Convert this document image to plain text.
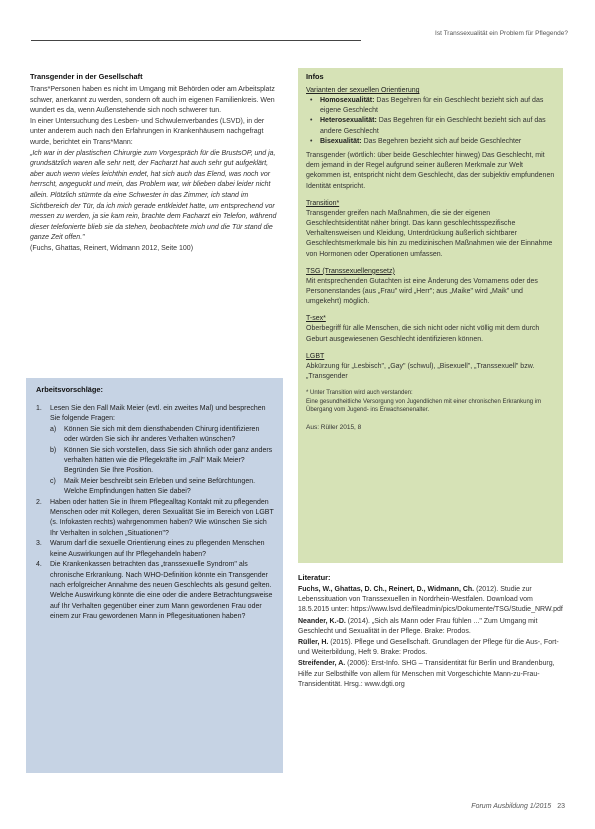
Ist Transsexualität ein Problem für Pflegende?
Transgender in der Gesellschaft

Trans*Personen haben es nicht im Umgang mit Behörden oder am Arbeitsplatz schwer, anerkannt zu werden, sondern oft auch im eigenen Familienkreis. Wen wundert es da, wenn Außenstehende sich noch schwerer tun.

In einer Untersuchung des Lesben- und Schwulenverbandes (LSVD), in der unter anderem auch nach den Erfahrungen in Krankenhäusern nachgefragt wurde, berichtet ein Trans*Mann:

„Ich war in der plastischen Chirurgie zum Vorgespräch für die BrustsOP, und ja, grundsätzlich waren alle sehr nett, der Facharzt hat auch sehr gut aufgeklärt, aber auch wenn vieles leichthin endet, hat sich auch das Elend, was noch vor herrscht, angeguckt und mein, das Problem war, wir blieben dabei leider nicht allein. Plötzlich stürmte da eine Schwester in das Zimmer, ich stand im Sichtbereich der Tür, da ich mich gerade entkleidet hatte, um entsprechend vor messen zu werden, ja sie kam rein, brachte dem Facharzt ein Telefon, während dieser telefonierte blieb sie da stehen, beobachtete mich und die Tür stand die ganze Zeit offen."

(Fuchs, Ghattas, Reinert, Widmann 2012, Seite 100)

Arbeitsvorschläge:
1.	Lesen Sie den Fall Maik Meier (evtl. ein zweites Mal) und besprechen Sie folgende Fragen:
a)	Können Sie sich mit dem diensthabenden Chirurg identifizieren oder würden Sie sich ihr anderes Verhalten wünschen?
b)	Können Sie sich vorstellen, dass Sie sich ähnlich oder ganz anders verhalten hätten wie die Pflegekräfte im „Fall" Maik Meier? Begründen Sie Ihre Position.
c)	Maik Meier beschreibt sein Erleben und seine Befürchtungen. Welche Empfindungen hatten Sie dabei?
2.	Haben oder hatten Sie in Ihrem Pflegealltag Kontakt mit zu pflegenden Menschen oder mit Kollegen, deren Sexualität Sie im Bereich von LGBT (s. Infokasten rechts) wahrgenommen haben? Wie wünschen Sie sich Ihr Verhalten in solchen „Situationen"?
3.	Warum darf die sexuelle Orientierung eines zu pflegenden Menschen keine Auswirkungen auf Ihr Pflegehandeln haben?
4.	Die Krankenkassen betrachten das „transsexuelle Syndrom" als chronische Erkrankung. Nach WHO-Definition könnte ein Transgender nach erfolgreicher Annahme des neuen Geschlechts als gesund gelten. Welche Auswirkung könnte die eine oder die andere Betrachtungsweise auf Ihr Verhalten gegenüber einer zum Mann gewordenen Frau oder einem zur Frau gewordenen Mann in Pflegesituationen haben?
Infos
Varianten der sexuellen Orientierung
•	Homosexualität: Das Begehren für ein Geschlecht bezieht sich auf das eigene Geschlecht
•	Heterosexualität: Das Begehren für ein Geschlecht bezieht sich auf das andere Geschlecht
•	Bisexualität: Das Begehren bezieht sich auf beide Geschlechter

Transgender (wörtlich: über beide Geschlechter hinweg) Das Geschlecht, mit dem jemand in der Regel aufgrund seiner äußeren Merkmale zur Welt gekommen ist, entspricht nicht dem Geschlecht, das der subjektiv empfundenen Identität entspricht.

Transition*

Transgender greifen nach Maßnahmen, die sie der eigenen Geschlechtsidentität näher bringt. Das kann geschlechtsspezifische Verhaltensweisen und Kleidung, Unterdrückung äußerlich sichtbarer Geschlechtsmerkmale bis hin zu medizinischen Maßnahmen wie der Einnahme von Hormonen oder Operationen umfassen.

TSG (Transsexuellengesetz)

Mit entsprechenden Gutachten ist eine Änderung des Vornamens oder des Personenstandes (aus „Frau" wird „Herr"; aus „Maike" wird „Maik" und umgekehrt) möglich.

T-sex*

Oberbegriff für alle Menschen, die sich nicht oder nicht völlig mit dem durch Geburt ausgewiesenen Geschlecht identifizieren können.

LGBT

Abkürzung für „Lesbisch", „Gay" (schwul), „Bisexuell", „Transsexuell" bzw. „Transgender

* Unter Transition wird auch verstanden:

Eine gesundheitliche Versorgung von Jugendlichen mit einer chronischen Erkrankung im Übergang vom Jugend- ins Erwachsenenalter.

Aus: Rüller 2015, 8

Literatur:

Fuchs, W., Ghattas, D. Ch., Reinert, D., Widmann, Ch. (2012). Studie zur Lebenssituation von Transsexuellen in Nordrhein-Westfalen. Download vom 18.5.2015 unter: https://www.lsvd.de/fileadmin/pics/Dokumente/TSG/Studie_NRW.pdf

Neander, K.-D. (2014). „Sich als Mann oder Frau fühlen ..." Zum Umgang mit Geschlecht und Sexualität in der Pflege. Brake: Prodos.

Rüller, H. (2015). Pflege und Gesellschaft. Grundlagen der Pflege für die Aus-, Fort- und Weiterbildung, Heft 9. Brake: Prodos.

Streifender, A. (2006): Erst-Info. SHG – Transidentität für Berlin und Brandenburg, Hilfe zur Selbsthilfe von allem für Menschen mit Vorgeschichte Mann-zu-Frau-Transidentität. Hrsg.: www.dgti.org

Forum Ausbildung 1/2015 23
